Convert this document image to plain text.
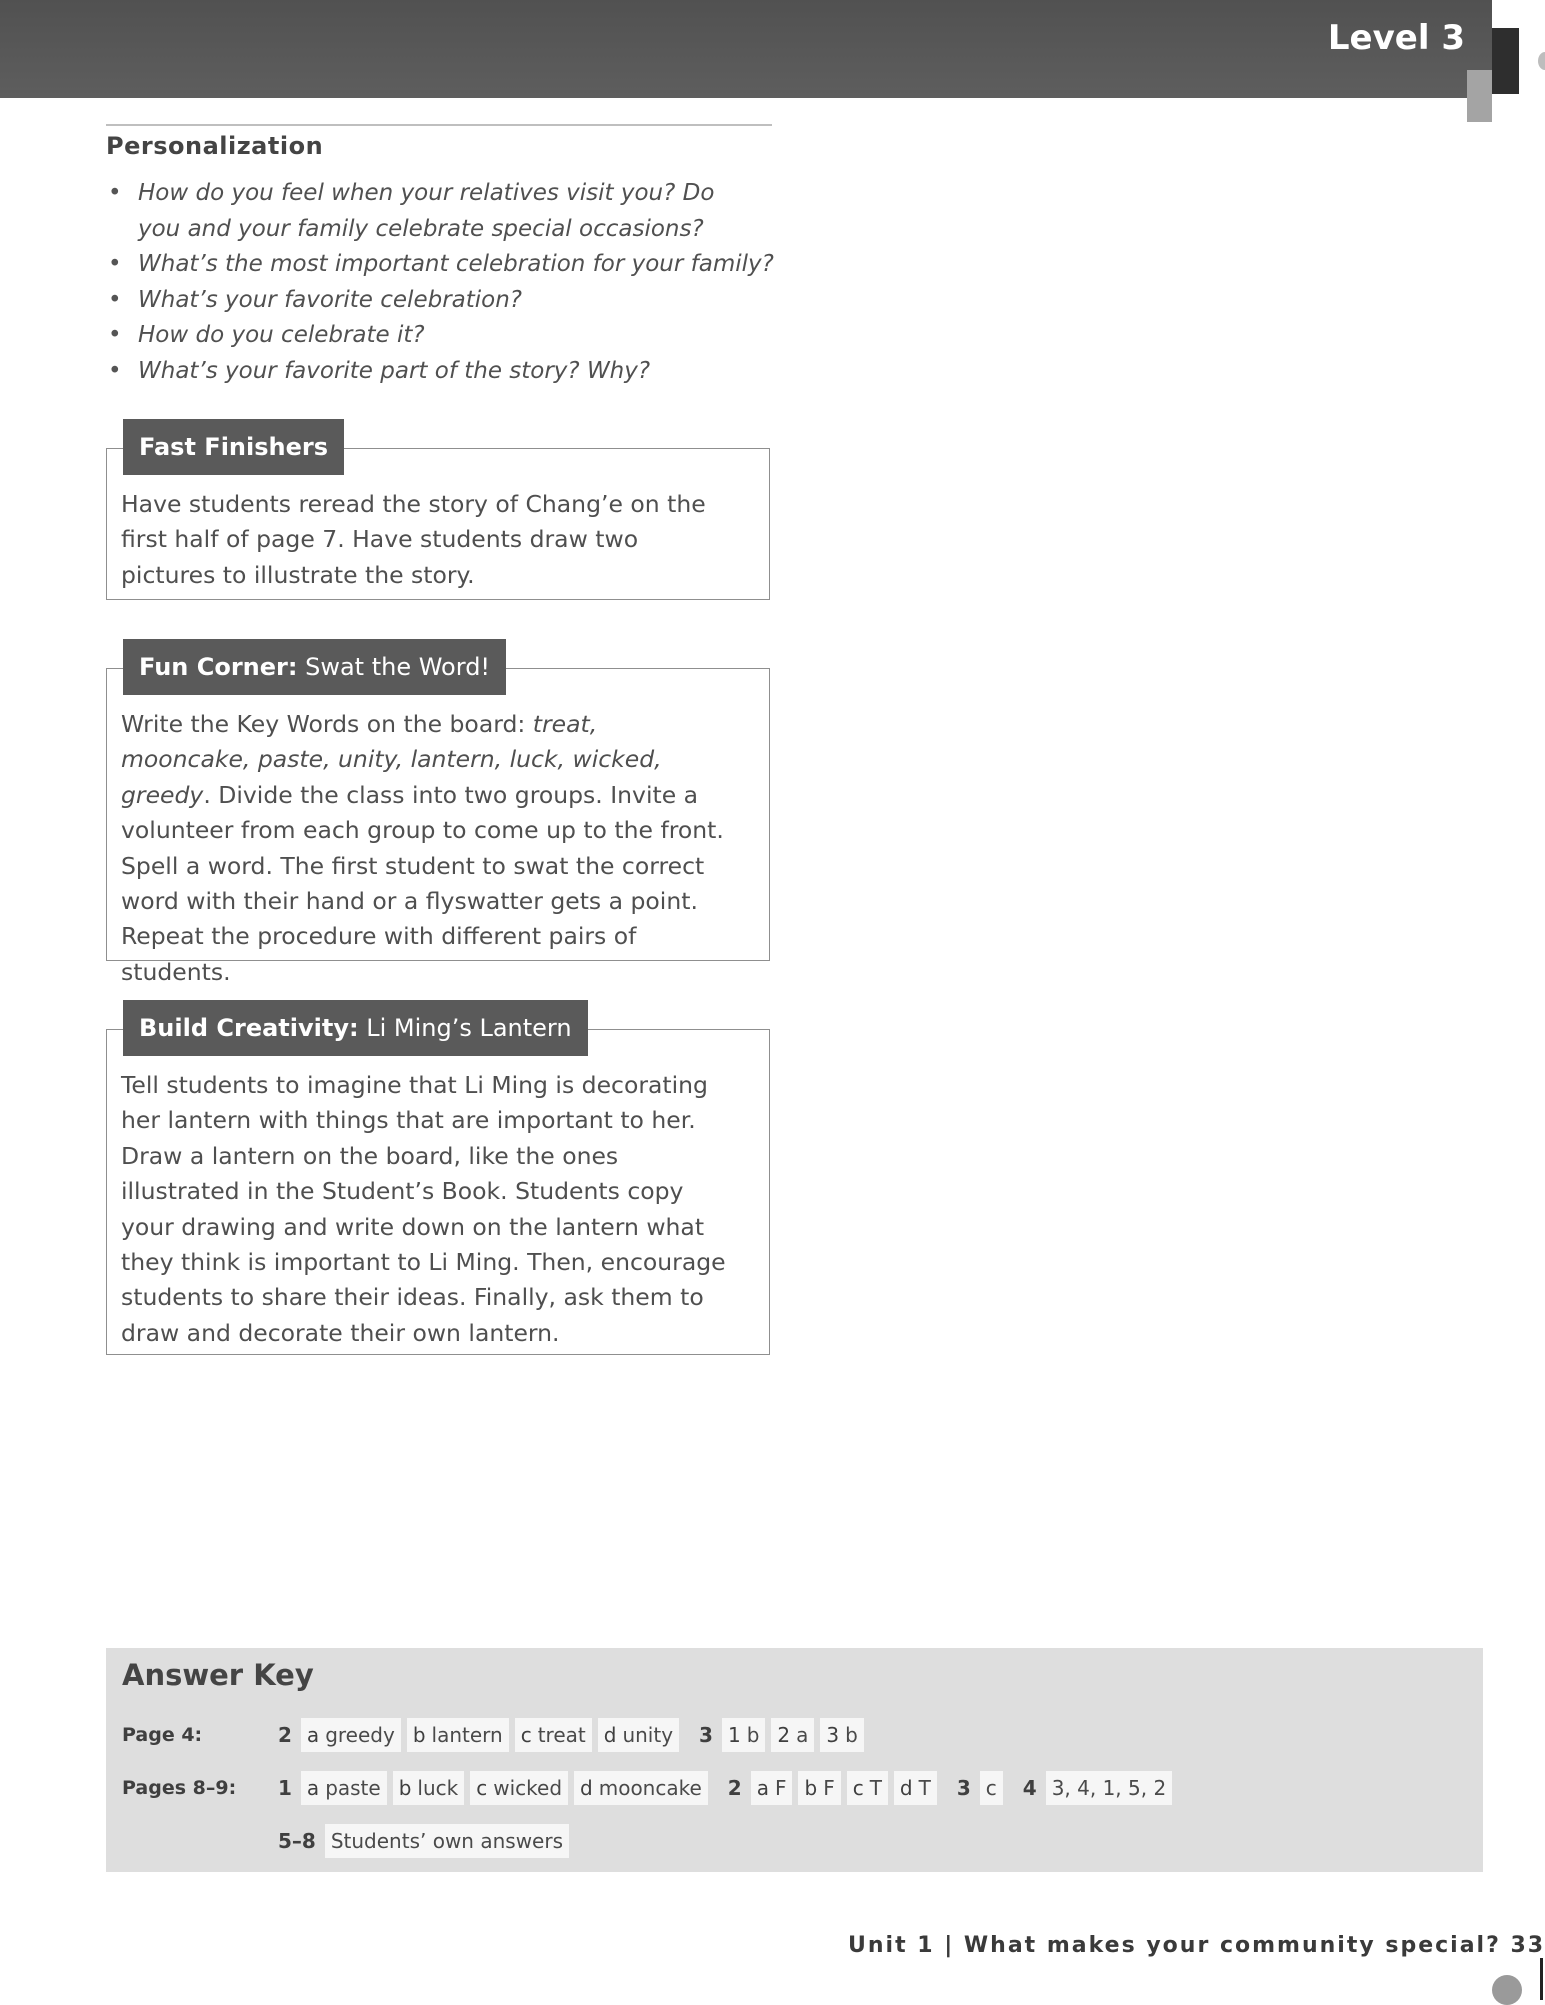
Level 3
Personalization
• How do you feel when your relatives visit you? Do you and your family celebrate special occasions?
• What’s the most important celebration for your family?
• What’s your favorite celebration?
• How do you celebrate it?
• What’s your favorite part of the story? Why?
Fast Finishers
Have students reread the story of Chang’e on the first half of page 7. Have students draw two pictures to illustrate the story.
Fun Corner: Swat the Word!
Write the Key Words on the board: treat, mooncake, paste, unity, lantern, luck, wicked, greedy. Divide the class into two groups. Invite a volunteer from each group to come up to the front. Spell a word. The first student to swat the correct word with their hand or a flyswatter gets a point. Repeat the procedure with different pairs of students.
Build Creativity: Li Ming’s Lantern
Tell students to imagine that Li Ming is decorating her lantern with things that are important to her. Draw a lantern on the board, like the ones illustrated in the Student’s Book. Students copy your drawing and write down on the lantern what they think is important to Li Ming. Then, encourage students to share their ideas. Finally, ask them to draw and decorate their own lantern.
Answer Key
Page 4:	2 a greedy b lantern c treat d unity	3 1 b 2 a 3 b
Pages 8–9:	1 a paste b luck c wicked d mooncake	2 a F b F c T d T	3 c	4 3, 4, 1, 5, 2
5–8 Students’ own answers
Unit 1 | What makes your community special? 33
